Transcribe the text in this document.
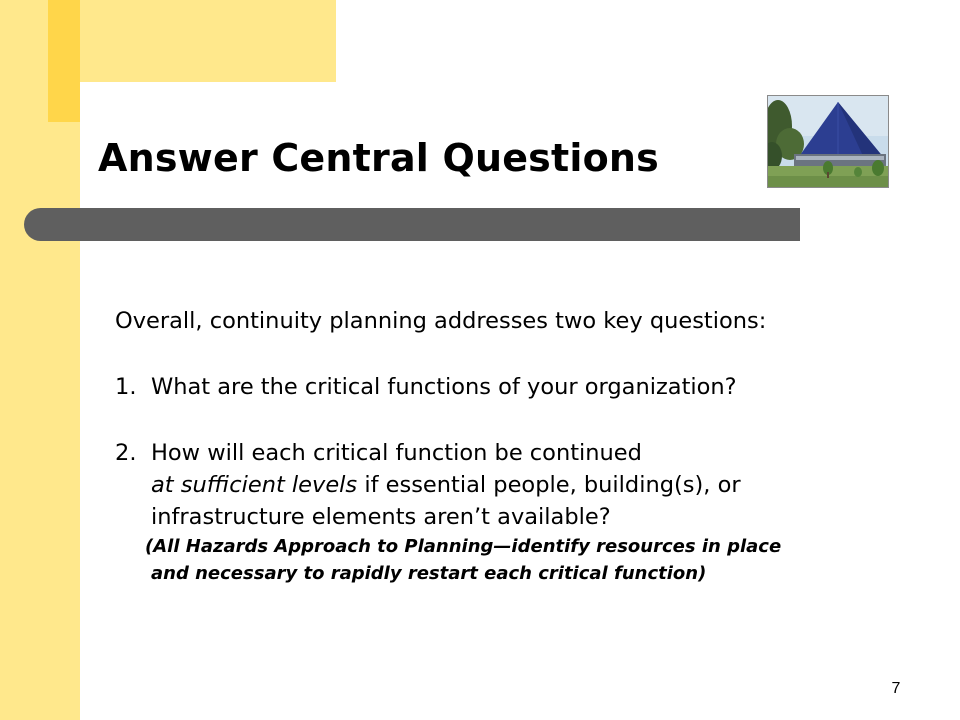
Answer Central Questions
Overall, continuity planning addresses two key questions:
1. What are the critical functions of your organization?
2. How will each critical function be continued
at sufficient levels if essential people, building(s), or
infrastructure elements aren’t available?
(All Hazards Approach to Planning—identify resources in place
and necessary to rapidly restart each critical function)
7
